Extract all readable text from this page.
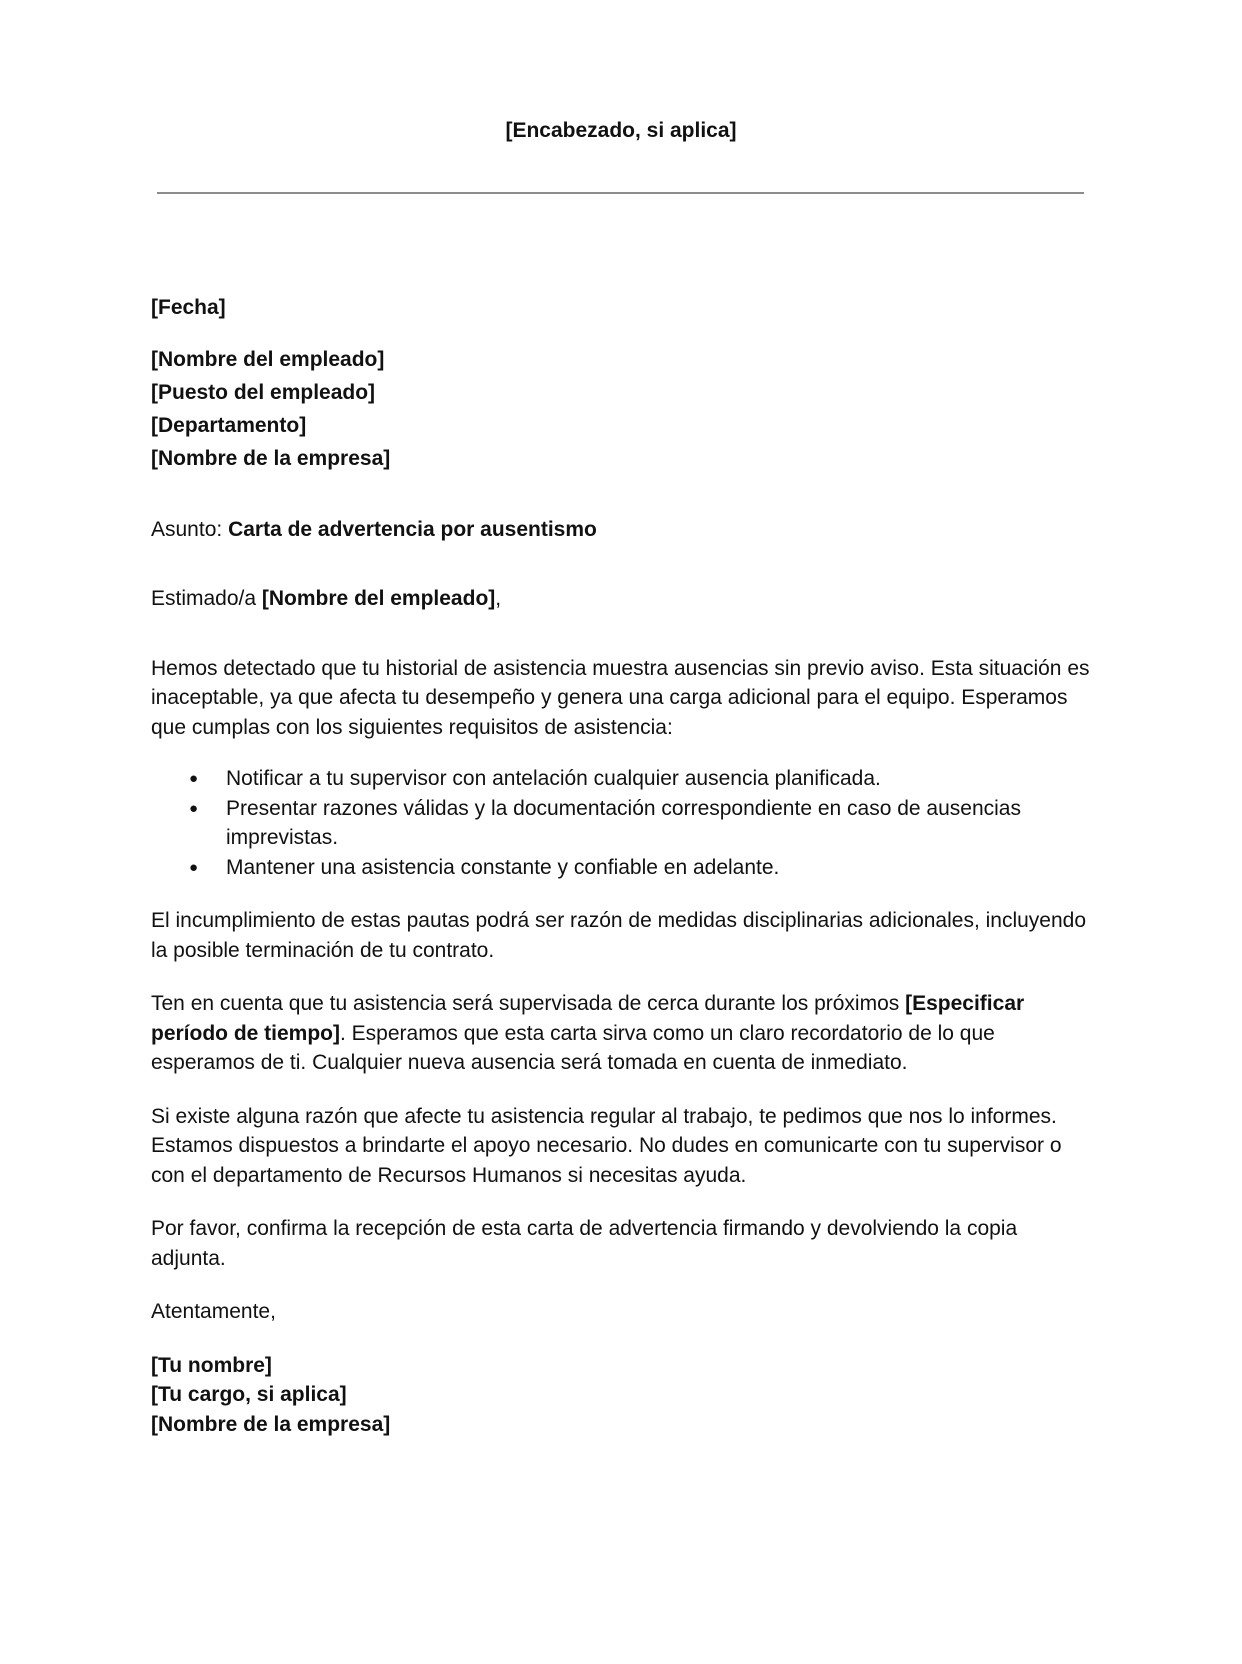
[Encabezado, si aplica]

[Fecha]

[Nombre del empleado]

[Puesto del empleado]

[Departamento]

[Nombre de la empresa]

Asunto: Carta de advertencia por ausentismo

Estimado/a [Nombre del empleado],

Hemos detectado que tu historial de asistencia muestra ausencias sin previo aviso. Esta situación es inaceptable, ya que afecta tu desempeño y genera una carga adicional para el equipo. Esperamos que cumplas con los siguientes requisitos de asistencia:

● Notificar a tu supervisor con antelación cualquier ausencia planificada.
● Presentar razones válidas y la documentación correspondiente en caso de ausencias imprevistas.
● Mantener una asistencia constante y confiable en adelante.

El incumplimiento de estas pautas podrá ser razón de medidas disciplinarias adicionales, incluyendo la posible terminación de tu contrato.

Ten en cuenta que tu asistencia será supervisada de cerca durante los próximos [Especificar período de tiempo]. Esperamos que esta carta sirva como un claro recordatorio de lo que esperamos de ti. Cualquier nueva ausencia será tomada en cuenta de inmediato.

Si existe alguna razón que afecte tu asistencia regular al trabajo, te pedimos que nos lo informes. Estamos dispuestos a brindarte el apoyo necesario. No dudes en comunicarte con tu supervisor o con el departamento de Recursos Humanos si necesitas ayuda.

Por favor, confirma la recepción de esta carta de advertencia firmando y devolviendo la copia adjunta.

Atentamente,

[Tu nombre]

[Tu cargo, si aplica]

[Nombre de la empresa]
